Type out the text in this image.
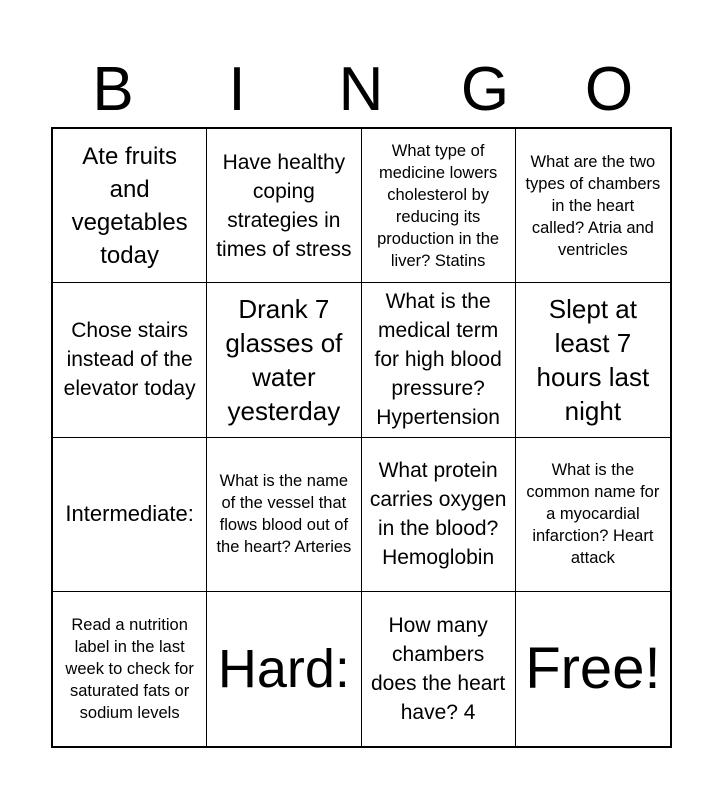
B	I	N	G	O
Ate fruits and vegetables today
Have healthy coping strategies in times of stress
What type of medicine lowers cholesterol by reducing its production in the liver? Statins
What are the two types of chambers in the heart called? Atria and ventricles
Chose stairs instead of the elevator today
Drank 7 glasses of water yesterday
What is the medical term for high blood pressure? Hypertension
Slept at least 7 hours last night
Intermediate:
What is the name of the vessel that flows blood out of the heart? Arteries
What protein carries oxygen in the blood? Hemoglobin
What is the common name for a myocardial infarction? Heart attack
Read a nutrition label in the last week to check for saturated fats or sodium levels
Hard:
How many chambers does the heart have? 4
Free!
